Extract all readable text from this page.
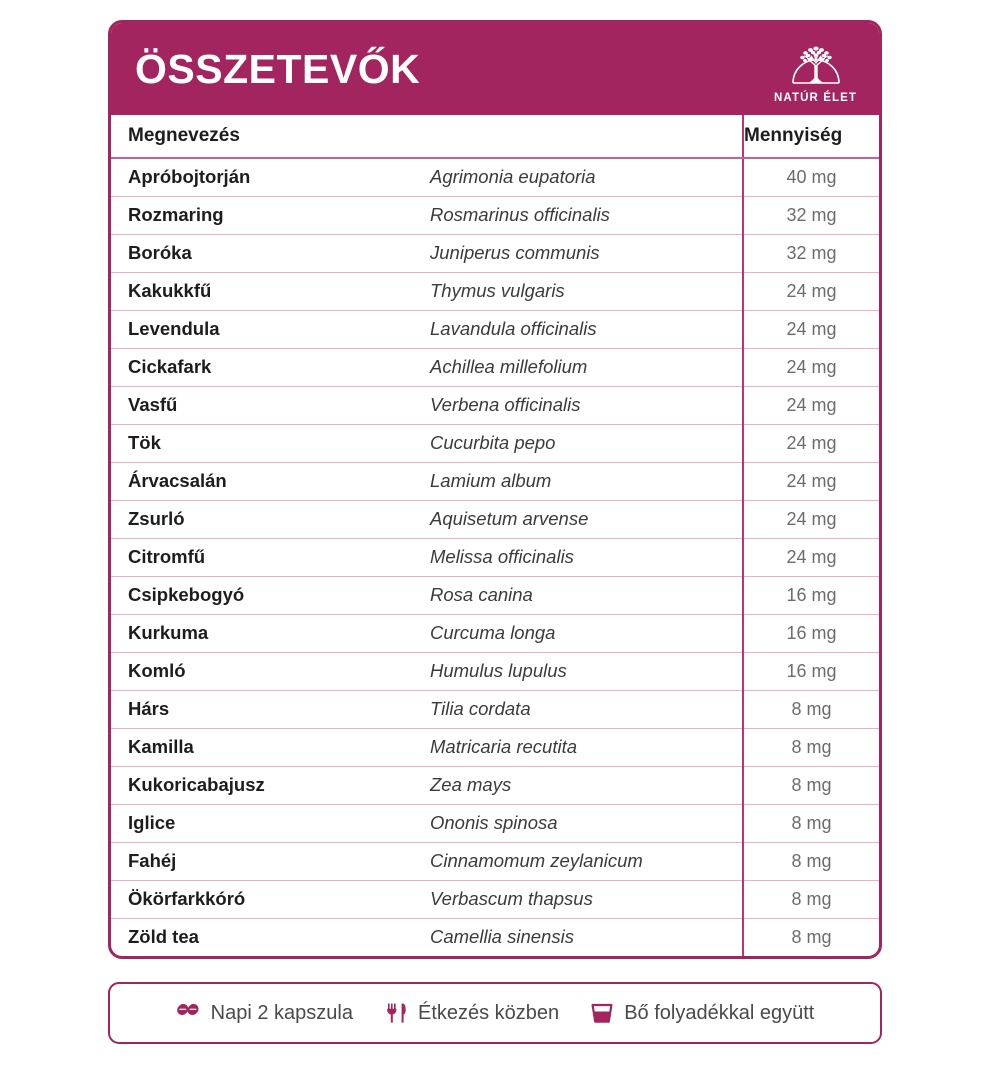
ÖSSZETEVŐK
NATÚR ÉLET
Megnevezés		Mennyiség
Apróbojtorján	Agrimonia eupatoria	40 mg
Rozmaring	Rosmarinus officinalis	32 mg
Boróka	Juniperus communis	32 mg
Kakukkfű	Thymus vulgaris	24 mg
Levendula	Lavandula officinalis	24 mg
Cickafark	Achillea millefolium	24 mg
Vasfű	Verbena officinalis	24 mg
Tök	Cucurbita pepo	24 mg
Árvacsalán	Lamium album	24 mg
Zsurló	Aquisetum arvense	24 mg
Citromfű	Melissa officinalis	24 mg
Csipkebogyó	Rosa canina	16 mg
Kurkuma	Curcuma longa	16 mg
Komló	Humulus lupulus	16 mg
Hárs	Tilia cordata	8 mg
Kamilla	Matricaria recutita	8 mg
Kukoricabajusz	Zea mays	8 mg
Iglice	Ononis spinosa	8 mg
Fahéj	Cinnamomum zeylanicum	8 mg
Ökörfarkkóró	Verbascum thapsus	8 mg
Zöld tea	Camellia sinensis	8 mg
Napi 2 kapszula	Étkezés közben	Bő folyadékkal együtt
